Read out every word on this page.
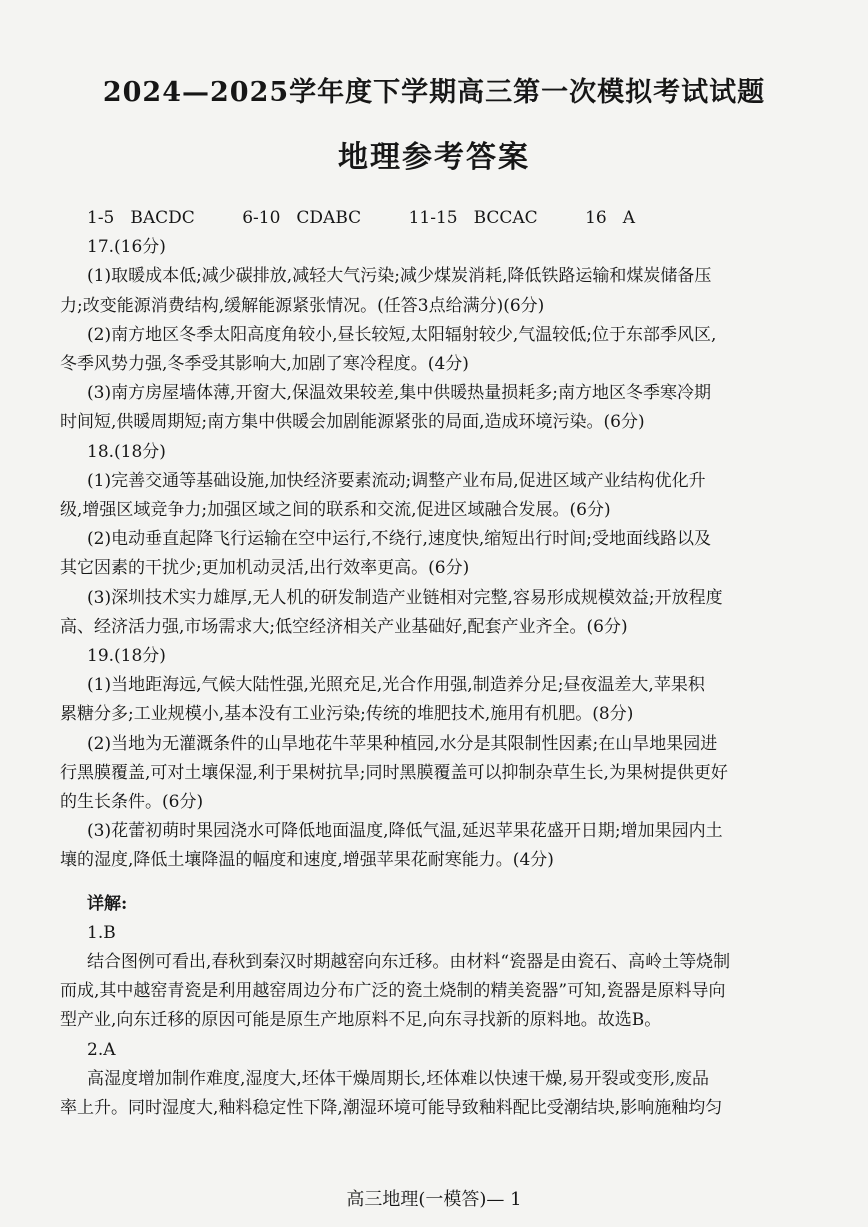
2024—2025学年度下学期高三第一次模拟考试试题
地理参考答案
1-5 BACDC	6-10 CDABC	11-15 BCCAC	16 A
17.(16分)
(1)取暖成本低;减少碳排放,减轻大气污染;减少煤炭消耗,降低铁路运输和煤炭储备压
力;改变能源消费结构,缓解能源紧张情况。(任答3点给满分)(6分)
(2)南方地区冬季太阳高度角较小,昼长较短,太阳辐射较少,气温较低;位于东部季风区,
冬季风势力强,冬季受其影响大,加剧了寒冷程度。(4分)
(3)南方房屋墙体薄,开窗大,保温效果较差,集中供暖热量损耗多;南方地区冬季寒冷期
时间短,供暖周期短;南方集中供暖会加剧能源紧张的局面,造成环境污染。(6分)
18.(18分)
(1)完善交通等基础设施,加快经济要素流动;调整产业布局,促进区域产业结构优化升
级,增强区域竞争力;加强区域之间的联系和交流,促进区域融合发展。(6分)
(2)电动垂直起降飞行运输在空中运行,不绕行,速度快,缩短出行时间;受地面线路以及
其它因素的干扰少;更加机动灵活,出行效率更高。(6分)
(3)深圳技术实力雄厚,无人机的研发制造产业链相对完整,容易形成规模效益;开放程度
高、经济活力强,市场需求大;低空经济相关产业基础好,配套产业齐全。(6分)
19.(18分)
(1)当地距海远,气候大陆性强,光照充足,光合作用强,制造养分足;昼夜温差大,苹果积
累糖分多;工业规模小,基本没有工业污染;传统的堆肥技术,施用有机肥。(8分)
(2)当地为无灌溉条件的山旱地花牛苹果种植园,水分是其限制性因素;在山旱地果园进
行黑膜覆盖,可对土壤保湿,利于果树抗旱;同时黑膜覆盖可以抑制杂草生长,为果树提供更好
的生长条件。(6分)
(3)花蕾初萌时果园浇水可降低地面温度,降低气温,延迟苹果花盛开日期;增加果园内土
壤的湿度,降低土壤降温的幅度和速度,增强苹果花耐寒能力。(4分)
详解:
1.B
结合图例可看出,春秋到秦汉时期越窑向东迁移。由材料“瓷器是由瓷石、高岭土等烧制
而成,其中越窑青瓷是利用越窑周边分布广泛的瓷土烧制的精美瓷器”可知,瓷器是原料导向
型产业,向东迁移的原因可能是原生产地原料不足,向东寻找新的原料地。故选B。
2.A
高湿度增加制作难度,湿度大,坯体干燥周期长,坯体难以快速干燥,易开裂或变形,废品
率上升。同时湿度大,釉料稳定性下降,潮湿环境可能导致釉料配比受潮结块,影响施釉均匀
高三地理(一模答)— 1
